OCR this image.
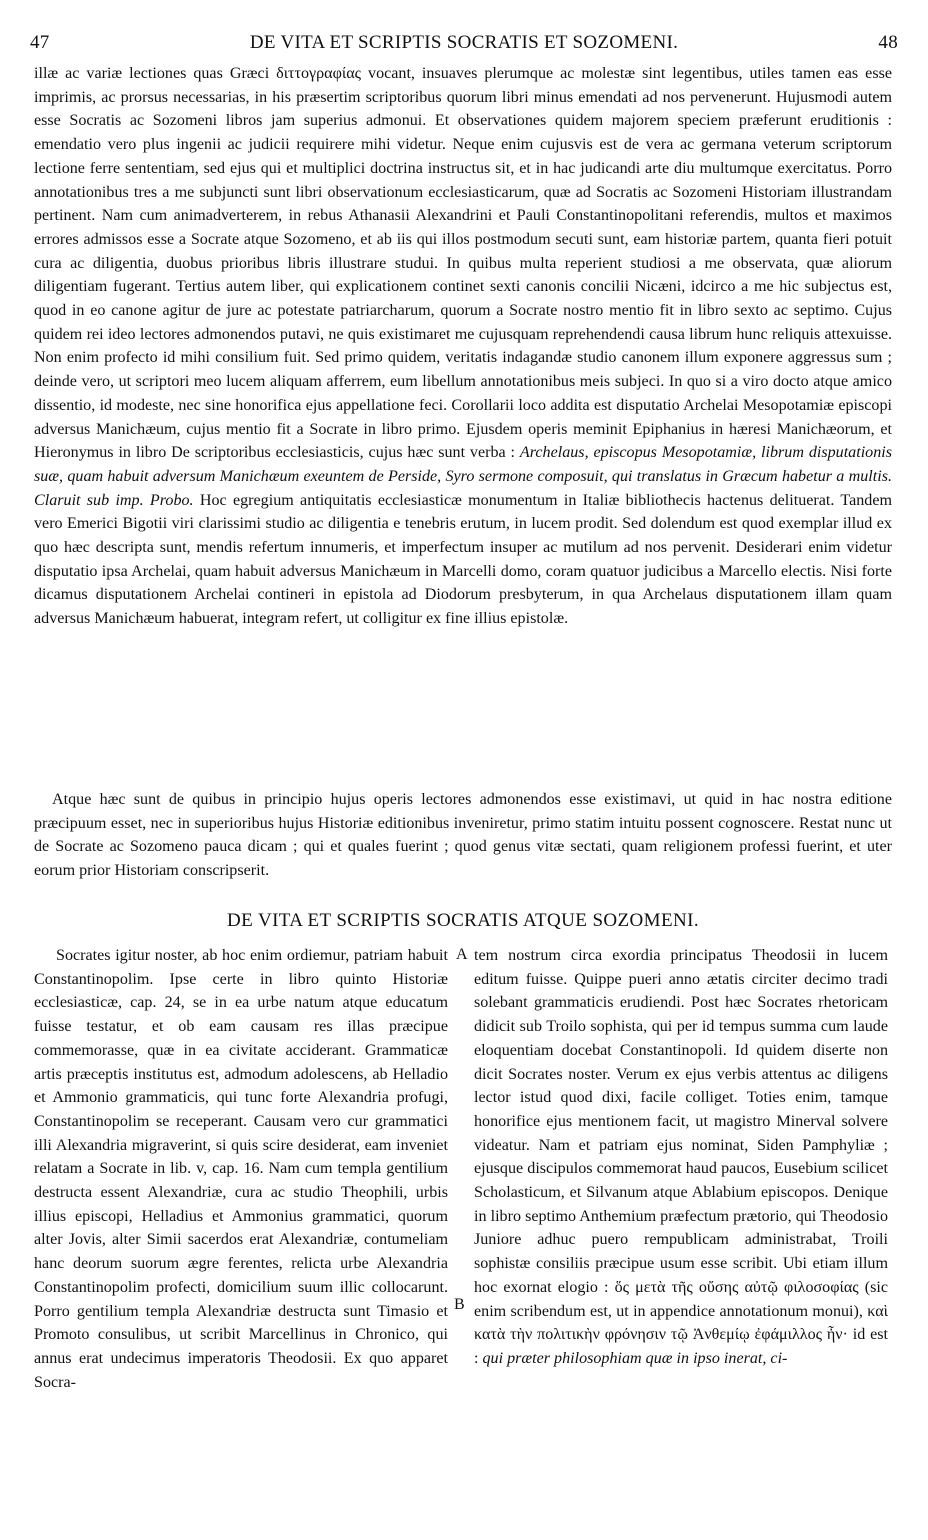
47	DE VITA ET SCRIPTIS SOCRATIS ET SOZOMENI.	48

illæ ac variæ lectiones quas Græci διττογραφίας vocant, insuaves plerumque ac molestæ sint legentibus, utiles tamen eas esse imprimis, ac prorsus necessarias, in his præsertim scriptoribus quorum libri minus emendati ad nos pervenerunt. Hujusmodi autem esse Socratis ac Sozomeni libros jam superius admonui. Et observationes quidem majorem speciem præferunt eruditionis : emendatio vero plus ingenii ac judicii requirere mihi videtur. Neque enim cujusvis est de vera ac germana veterum scriptorum lectione ferre sententiam, sed ejus qui et multiplici doctrina instructus sit, et in hac judicandi arte diu multumque exercitatus. Porro annotationibus tres a me subjuncti sunt libri observationum ecclesiasticarum, quæ ad Socratis ac Sozomeni Historiam illustrandam pertinent. Nam cum animadverterem, in rebus Athanasii Alexandrini et Pauli Constantinopolitani referendis, multos et maximos errores admissos esse a Socrate atque Sozomeno, et ab iis qui illos postmodum secuti sunt, eam historiæ partem, quanta fieri potuit cura ac diligentia, duobus prioribus libris illustrare studui. In quibus multa reperient studiosi a me observata, quæ aliorum diligentiam fugerant. Tertius autem liber, qui explicationem continet sexti canonis concilii Nicæni, idcirco a me hic subjectus est, quod in eo canone agitur de jure ac potestate patriarcharum, quorum a Socrate nostro mentio fit in libro sexto ac septimo. Cujus quidem rei ideo lectores admonendos putavi, ne quis existimaret me cujusquam reprehendendi causa librum hunc reliquis attexuisse. Non enim profecto id mihi consilium fuit. Sed primo quidem, veritatis indagandæ studio canonem illum exponere aggressus sum ; deinde vero, ut scriptori meo lucem aliquam afferrem, eum libellum annotationibus meis subjeci. In quo si a viro docto atque amico dissentio, id modeste, nec sine honorifica ejus appellatione feci. Corollarii loco addita est disputatio Archelai Mesopotamiæ episcopi adversus Manichæum, cujus mentio fit a Socrate in libro primo. Ejusdem operis meminit Epiphanius in hæresi Manichæorum, et Hieronymus in libro De scriptoribus ecclesiasticis, cujus hæc sunt verba : Archelaus, episcopus Mesopotamiæ, librum disputationis suæ, quam habuit adversum Manichæum exeuntem de Perside, Syro sermone composuit, qui translatus in Græcum habetur a multis. Claruit sub imp. Probo. Hoc egregium antiquitatis ecclesiasticæ monumentum in Italiæ bibliothecis hactenus delituerat. Tandem vero Emerici Bigotii viri clarissimi studio ac diligentia e tenebris erutum, in lucem prodit. Sed dolendum est quod exemplar illud ex quo hæc descripta sunt, mendis refertum innumeris, et imperfectum insuper ac mutilum ad nos pervenit. Desiderari enim videtur disputatio ipsa Archelai, quam habuit adversus Manichæum in Marcelli domo, coram quatuor judicibus a Marcello electis. Nisi forte dicamus disputationem Archelai contineri in epistola ad Diodorum presbyterum, in qua Archelaus disputationem illam quam adversus Manichæum habuerat, integram refert, ut colligitur ex fine illius epistolæ.

Atque hæc sunt de quibus in principio hujus operis lectores admonendos esse existimavi, ut quid in hac nostra editione præcipuum esset, nec in superioribus hujus Historiæ editionibus inveniretur, primo statim intuitu possent cognoscere. Restat nunc ut de Socrate ac Sozomeno pauca dicam ; qui et quales fuerint ; quod genus vitæ sectati, quam religionem professi fuerint, et uter eorum prior Historiam conscripserit.

DE VITA ET SCRIPTIS SOCRATIS ATQUE SOZOMENI.

Socrates igitur noster, ab hoc enim ordiemur, patriam habuit Constantinopolim. Ipse certe in libro quinto Historiæ ecclesiasticæ, cap. 24, se in ea urbe natum atque educatum fuisse testatur, et ob eam causam res illas præcipue commemorasse, quæ in ea civitate acciderant. Grammaticæ artis præceptis institutus est, admodum adolescens, ab Helladio et Ammonio grammaticis, qui tunc forte Alexandria profugi, Constantinopolim se receperant. Causam vero cur grammatici illi Alexandria migraverint, si quis scire desiderat, eam inveniet relatam a Socrate in lib. v, cap. 16. Nam cum templa gentilium destructa essent Alexandriæ, cura ac studio Theophili, urbis illius episcopi, Helladius et Ammonius grammatici, quorum alter Jovis, alter Simii sacerdos erat Alexandriæ, contumeliam hanc deorum suorum ægre ferentes, relicta urbe Alexandria Constantinopolim profecti, domicilium suum illic collocarunt. Porro gentilium templa Alexandriæ destructa sunt Timasio et Promoto consulibus, ut scribit Marcellinus in Chronico, qui annus erat undecimus imperatoris Theodosii. Ex quo apparet Socra-

A
B

tem nostrum circa exordia principatus Theodosii in lucem editum fuisse. Quippe pueri anno ætatis circiter decimo tradi solebant grammaticis erudiendi. Post hæc Socrates rhetoricam didicit sub Troilo sophista, qui per id tempus summa cum laude eloquentiam docebat Constantinopoli. Id quidem diserte non dicit Socrates noster. Verum ex ejus verbis attentus ac diligens lector istud quod dixi, facile colliget. Toties enim, tamque honorifice ejus mentionem facit, ut magistro Minerval solvere videatur. Nam et patriam ejus nominat, Siden Pamphyliæ ; ejusque discipulos commemorat haud paucos, Eusebium scilicet Scholasticum, et Silvanum atque Ablabium episcopos. Denique in libro septimo Anthemium præfectum prætorio, qui Theodosio Juniore adhuc puero rempublicam administrabat, Troili sophistæ consiliis præcipue usum esse scribit. Ubi etiam illum hoc exornat elogio : ὅς μετὰ τῆς οὔσης αὐτῷ φιλοσοφίας (sic enim scribendum est, ut in appendice annotationum monui), καὶ κατὰ τὴν πολιτικὴν φρόνησιν τῷ Ἀνθεμίῳ ἐφάμιλλος ἦν· id est : qui præter philosophiam quæ in ipso inerat, ci-
